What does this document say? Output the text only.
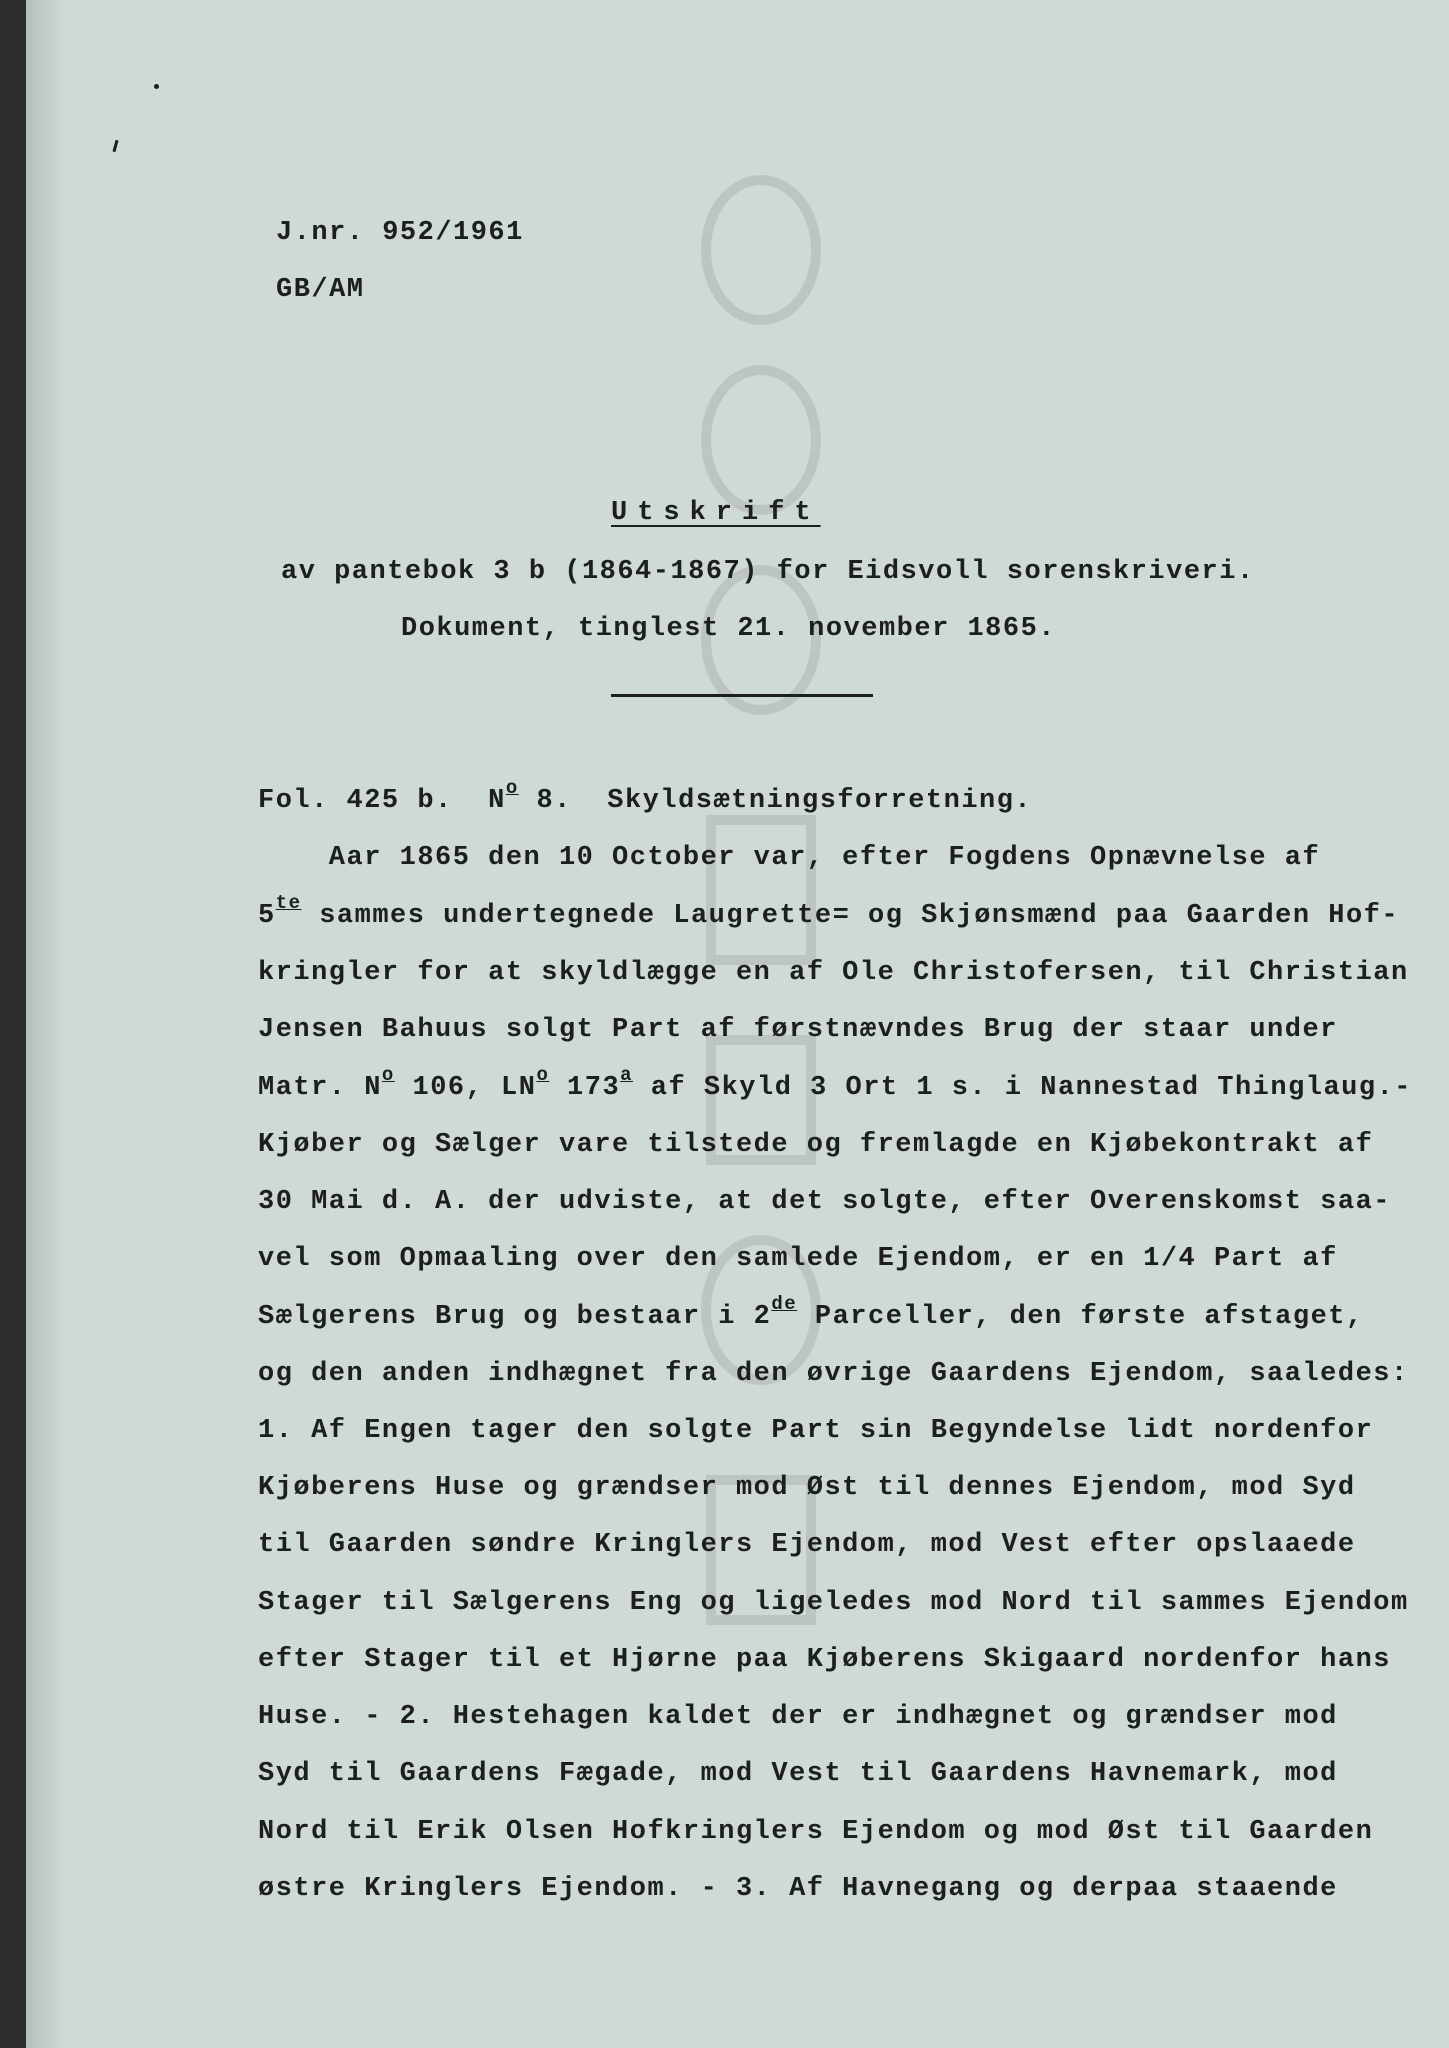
J.nr. 952/1961
GB/AM
Utskrift
av pantebok 3 b (1864-1867) for Eidsvoll sorenskriveri.
Dokument, tinglest 21. november 1865.
Fol. 425 b.  $N^o$ 8.  Skyldsætningsforretning.
Aar 1865 den 10 October var, efter Fogdens Opnævnelse af
$5^{te}$ sammes undertegnede Laugrette= og Skjønsmænd paa Gaarden Hof-
kringler for at skyldlægge en af Ole Christofersen, til Christian
Jensen Bahuus solgt Part af førstnævndes Brug der staar under
Matr. $N^o$ 106, $LN^o$ 173$^a$ af Skyld 3 Ort 1 s. i Nannestad Thinglaug.-
Kjøber og Sælger vare tilstede og fremlagde en Kjøbekontrakt af
30 Mai d. A. der udviste, at det solgte, efter Overenskomst saa-
vel som Opmaaling over den samlede Ejendom, er en 1/4 Part af
Sælgerens Brug og bestaar i 2de Parceller, den første afstaget,
og den anden indhægnet fra den øvrige Gaardens Ejendom, saaledes:
1. Af Engen tager den solgte Part sin Begyndelse lidt nordenfor
Kjøberens Huse og grændser mod Øst til dennes Ejendom, mod Syd
til Gaarden søndre Kringlers Ejendom, mod Vest efter opslaaede
Stager til Sælgerens Eng og ligeledes mod Nord til sammes Ejendom
efter Stager til et Hjørne paa Kjøberens Skigaard nordenfor hans
Huse. - 2. Hestehagen kaldet der er indhægnet og grændser mod
Syd til Gaardens Fægade, mod Vest til Gaardens Havnemark, mod
Nord til Erik Olsen Hofkringlers Ejendom og mod Øst til Gaarden
østre Kringlers Ejendom. - 3. Af Havnegang og derpaa staaende
